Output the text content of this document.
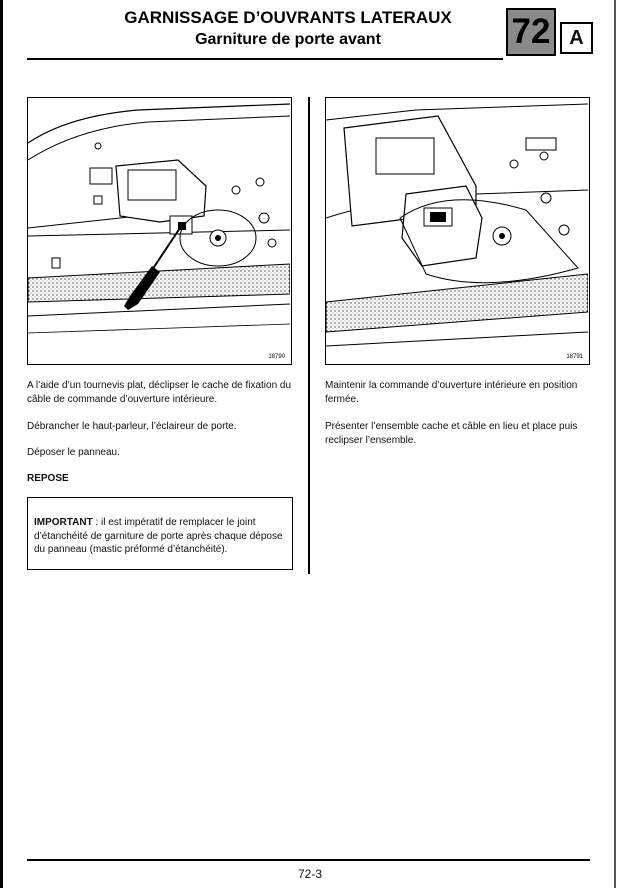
GARNISSAGE D’OUVRANTS LATERAUX
Garniture de porte avant	72 A
18790	18791

A l’aide d’un tournevis plat, déclipser le cache de fixation du câble de commande d’ouverture intérieure.

Débrancher le haut-parleur, l’éclaireur de porte.

Déposer le panneau.

REPOSE
IMPORTANT : il est impératif de remplacer le joint d’étanchéité de garniture de porte après chaque dépose du panneau (mastic préformé d’étanchéité).

Maintenir la commande d’ouverture intérieure en position fermée.

Présenter l’ensemble cache et câble en lieu et place puis reclipser l’ensemble.

72-3
